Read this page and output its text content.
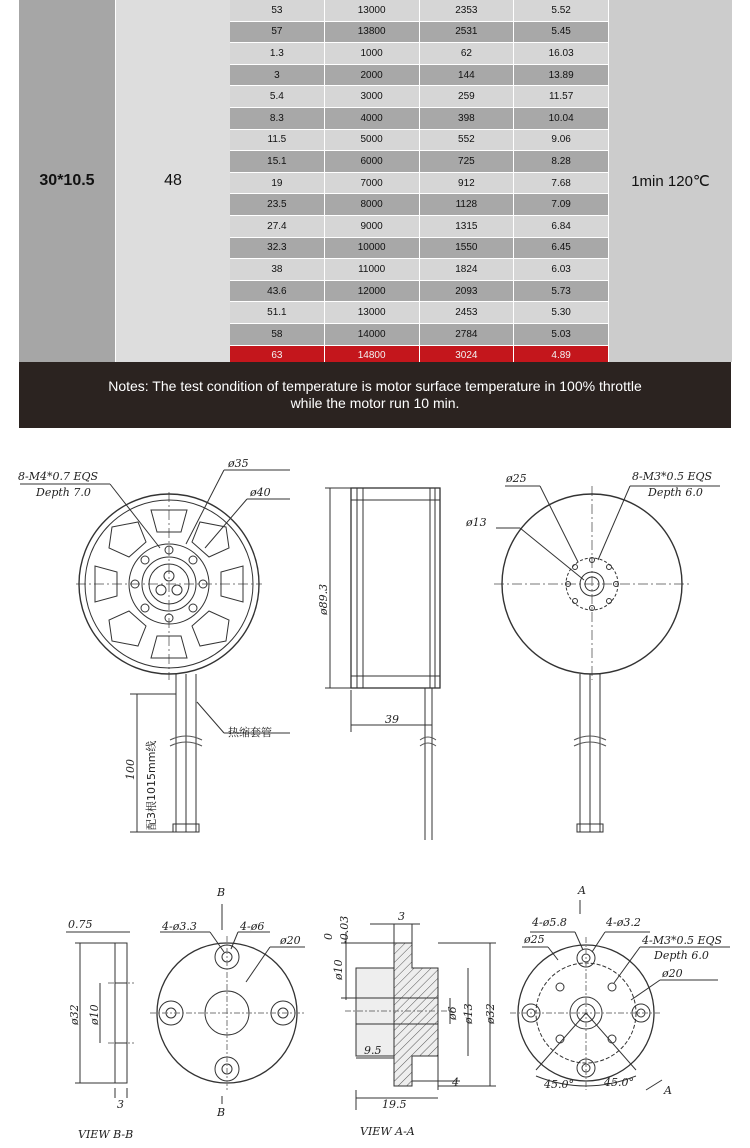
30*10.5	48
53	13000	2353	5.52
57	13800	2531	5.45
1.3	1000	62	16.03
3	2000	144	13.89
5.4	3000	259	11.57
8.3	4000	398	10.04
11.5	5000	552	9.06
15.1	6000	725	8.28
19	7000	912	7.68
23.5	8000	1128	7.09
27.4	9000	1315	6.84
32.3	10000	1550	6.45
38	11000	1824	6.03
43.6	12000	2093	5.73
51.1	13000	2453	5.30
58	14000	2784	5.03
63	14800	3024	4.89
1min 120℃
Notes: The test condition of temperature is motor surface temperature in 100% throttle
while the motor run 10 min.
8-M4*0.7 EQS
Depth 7.0
ø35
ø40
热缩套管
100 配3根1015mm线
ø89.3
39
ø25
ø13
8-M3*0.5 EQS
Depth 6.0
0.75
ø32 ø10
3
VIEW B-B
B
B
4-ø3.3	4-ø6
ø20
ø10
0 -0.03	3
ø6 ø13 ø32
9.5
4
19.5
VIEW A-A
A
A
4-ø5.8	4-ø3.2
ø25	4-M3*0.5 EQS
Depth 6.0
ø20
45.0°	45.0°
